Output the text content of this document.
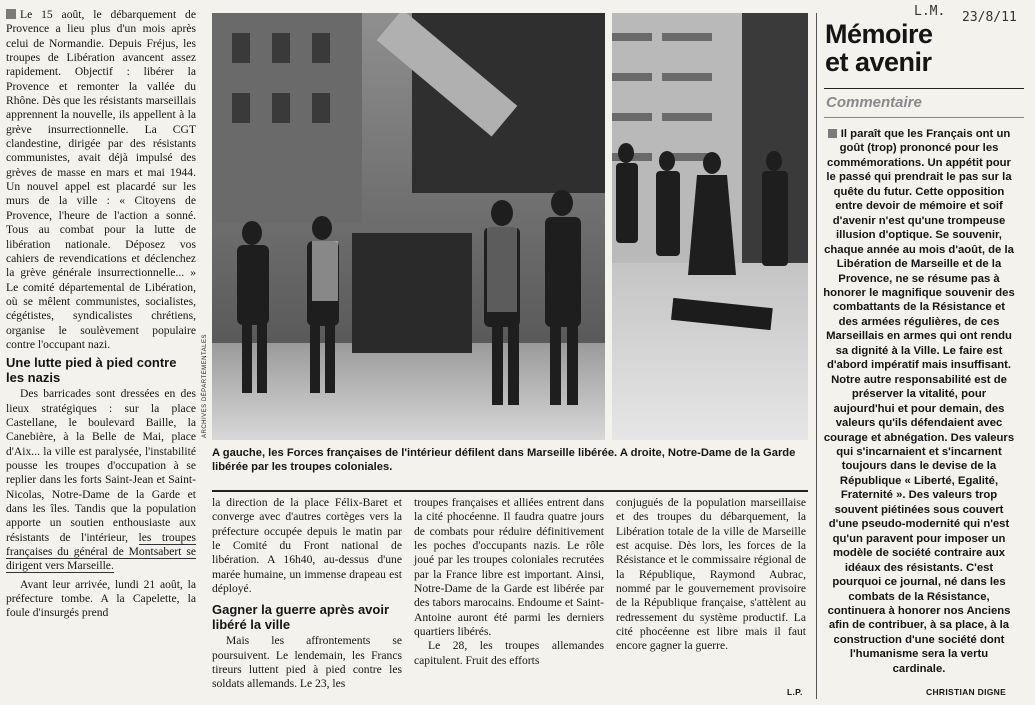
Le 15 août, le débarquement de Provence a lieu plus d'un mois après celui de Normandie. Depuis Fréjus, les troupes de Libération avancent assez rapidement. Objectif : libérer la Provence et remonter la vallée du Rhône. Dès que les résistants marseillais apprennent la nouvelle, ils appellent à la grève insurrectionnelle. La CGT clandestine, dirigée par des résistants communistes, avait déjà impulsé des grèves de masse en mars et mai 1944. Un nouvel appel est placardé sur les murs de la ville : « Citoyens de Provence, l'heure de l'action a sonné. Tous au combat pour la lutte de libération nationale. Déposez vos cahiers de revendications et déclenchez la grève générale insurrectionnelle... » Le comité départemental de Libération, où se mêlent communistes, socialistes, cégétistes, syndicalistes chrétiens, organise le soulèvement populaire contre l'occupant nazi.

Une lutte pied à pied contre les nazis

Des barricades sont dressées en des lieux stratégiques : sur la place Castellane, le boulevard Baille, la Canebière, à la Belle de Mai, place d'Aix... la ville est paralysée, l'instabilité pousse les troupes d'occupation à se replier dans les forts Saint-Jean et Saint-Nicolas, Notre-Dame de la Garde et dans les îles. Tandis que la population apporte un soutien enthousiaste aux résistants de l'intérieur, les troupes françaises du général de Montsabert se dirigent vers Marseille.

Avant leur arrivée, lundi 21 août, la préfecture tombe. A la Capelette, la foule d'insurgés prend

ARCHIVES DÉPARTEMENTALES
A gauche, les Forces françaises de l'intérieur défilent dans Marseille libérée. A droite, Notre-Dame de la Garde libérée par les troupes coloniales.

la direction de la place Félix-Baret et converge avec d'autres cortèges vers la préfecture occupée depuis le matin par le Comité du Front national de libération. A 16h40, au-dessus d'une marée humaine, un immense drapeau est déployé.

Gagner la guerre après avoir libéré la ville

Mais les affrontements se poursuivent. Le lendemain, les Francs tireurs luttent pied à pied contre les soldats allemands. Le 23, les

troupes françaises et alliées entrent dans la cité phocéenne. Il faudra quatre jours de combats pour réduire définitivement les poches d'occupants nazis. Le rôle joué par les troupes coloniales recrutées par la France libre est important. Ainsi, Notre-Dame de la Garde est libérée par des tabors marocains. Endoume et Saint-Antoine auront été parmi les derniers quartiers libérés.

Le 28, les troupes allemandes capitulent. Fruit des efforts

conjugués de la population marseillaise et des troupes du débarquement, la Libération totale de la ville de Marseille est acquise. Dès lors, les forces de la Résistance et le commissaire régional de la République, Raymond Aubrac, nommé par le gouvernement provisoire de la République française, s'attèlent au redressement du système productif. La cité phocéenne est libre mais il faut encore gagner la guerre.

L.P.
L.M. 23/8/11
Mémoire
et avenir
Commentaire
Il paraît que les Français ont un goût (trop) prononcé pour les commémorations. Un appétit pour le passé qui prendrait le pas sur la quête du futur. Cette opposition entre devoir de mémoire et soif d'avenir n'est qu'une trompeuse illusion d'optique. Se souvenir, chaque année au mois d'août, de la Libération de Marseille et de la Provence, ne se résume pas à honorer le magnifique souvenir des combattants de la Résistance et des armées régulières, de ces Marseillais en armes qui ont rendu sa dignité à la Ville. Le faire est d'abord impératif mais insuffisant. Notre autre responsabilité est de préserver la vitalité, pour aujourd'hui et pour demain, des valeurs qu'ils défendaient avec courage et abnégation. Des valeurs qui s'incarnaient et s'incarnent toujours dans le devise de la République « Liberté, Egalité, Fraternité ». Des valeurs trop souvent piétinées sous couvert d'une pseudo-modernité qui n'est qu'un paravent pour imposer un modèle de société contraire aux idéaux des résistants. C'est pourquoi ce journal, né dans les combats de la Résistance, continuera à honorer nos Anciens afin de contribuer, à sa place, à la construction d'une société dont l'humanisme sera la vertu cardinale.
CHRISTIAN DIGNE
